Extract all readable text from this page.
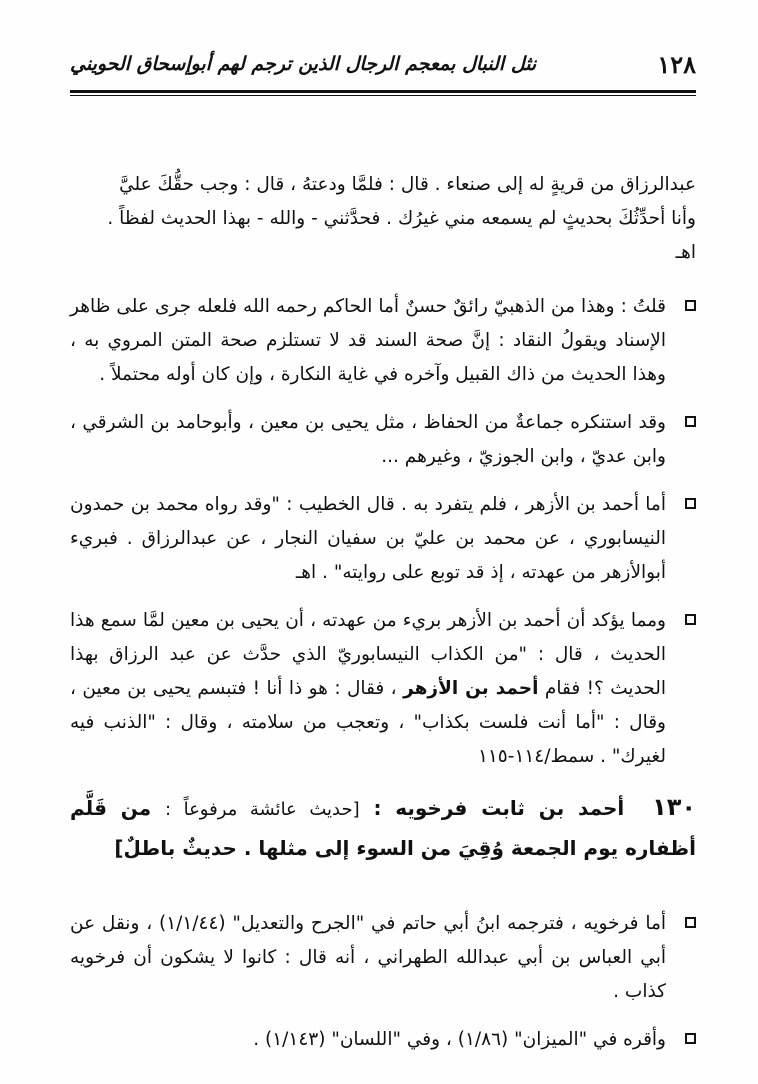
١٢٨
نثل النبال بمعجم الرجال الذين ترجم لهم أبوإسحاق الحويني

عبدالرزاق من قريةٍ له إلى صنعاء . قال : فلمَّا ودعتهُ ، قال : وجب حقُّكَ عليَّ

وأنا أحدِّثُكَ بحديثٍ لم يسمعه مني غيرُك . فحدَّثني - والله - بهذا الحديث لفظاً .

اهـ

قلتُ : وهذا من الذهبيّ رائقٌ حسنٌ أما الحاكم رحمه الله فلعله جرى على ظاهر الإسناد ويقولُ النقاد : إنَّ صحة السند قد لا تستلزم صحة المتن المروي به ، وهذا الحديث من ذاك القبيل وآخره في غاية النكارة ، وإن كان أوله محتملاً .

وقد استنكره جماعةٌ من الحفاظ ، مثل يحيى بن معين ، وأبوحامد بن الشرقي ، وابن عديّ ، وابن الجوزيّ ، وغيرهم ...

أما أحمد بن الأزهر ، فلم يتفرد به . قال الخطيب : "وقد رواه محمد بن حمدون النيسابوري ، عن محمد بن عليّ بن سفيان النجار ، عن عبدالرزاق . فبريء أبوالأزهر من عهدته ، إذ قد توبع على روايته" . اهـ

ومما يؤكد أن أحمد بن الأزهر بريء من عهدته ، أن يحيى بن معين لمَّا سمع هذا الحديث ، قال : "من الكذاب النيسابوريّ الذي حدَّث عن عبد الرزاق بهذا الحديث ؟! فقام أحمد بن الأزهر ، فقال : هو ذا أنا ! فتبسم يحيى بن معين ، وقال : "أما أنت فلست بكذاب" ، وتعجب من سلامته ، وقال : "الذنب فيه لغيرك" . سمط/١١٤-١١٥

١٣٠ أحمد بن ثابت فرخويه : [حديث عائشة مرفوعاً : من قَلَّم أظفاره يوم الجمعة وُقِيَ من السوء إلى مثلها . حديثٌ باطلٌ]

أما فرخويه ، فترجمه ابنُ أبي حاتم في "الجرح والتعديل" (١/١/٤٤) ، ونقل عن أبي العباس بن أبي عبدالله الطهراني ، أنه قال : كانوا لا يشكون أن فرخويه كذاب .

وأقره في "الميزان" (١/٨٦) ، وفي "اللسان" (١/١٤٣) .
